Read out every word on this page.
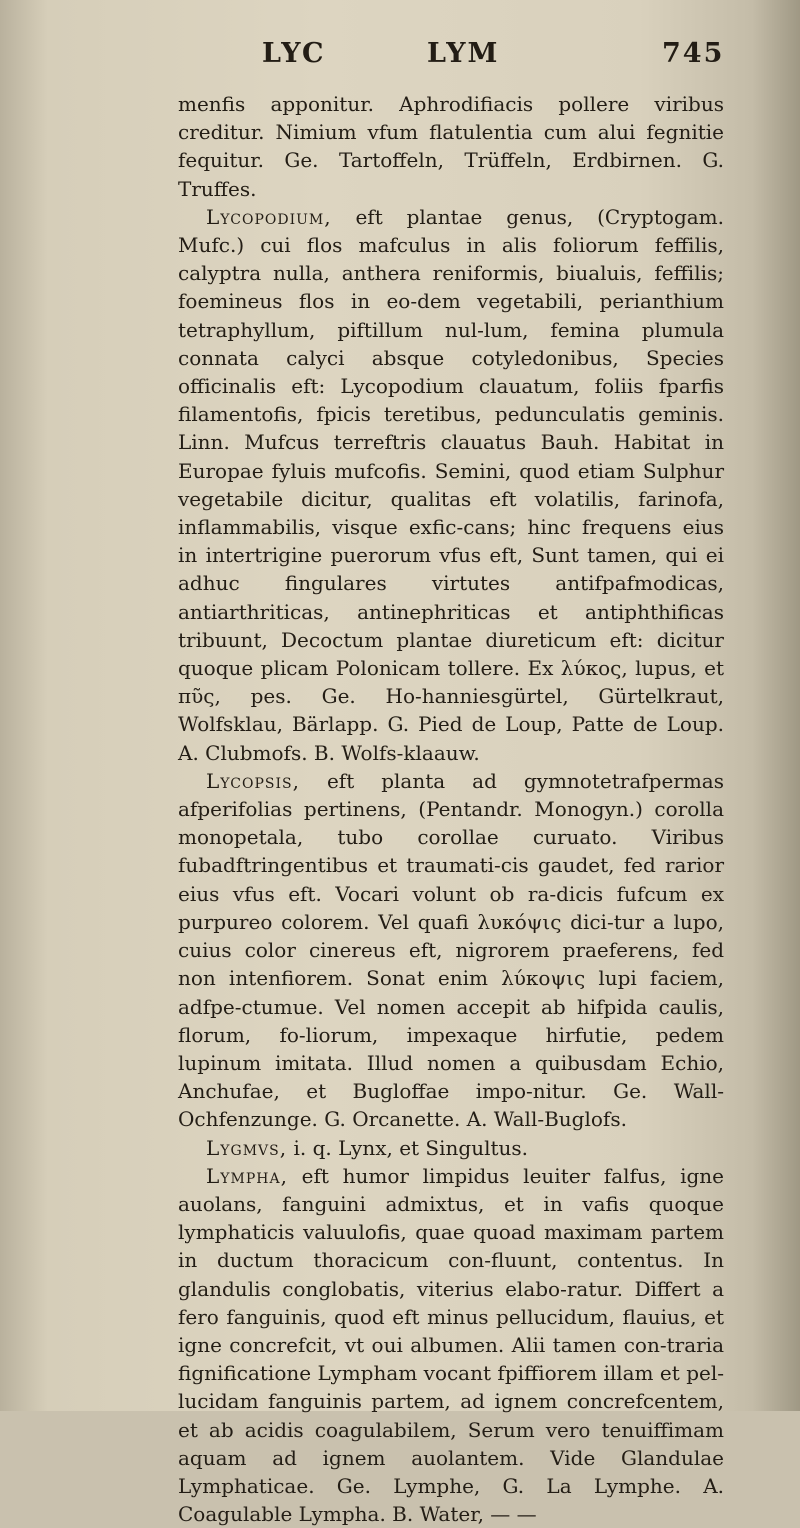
LYC	LYM	745

menfis apponitur. Aphrodifiacis pollere viribus creditur. Nimium vfum flatulentia cum alui fegnitie fequitur. Ge. Tartoffeln, Trüffeln, Erdbirnen. G. Truffes.

Lycopodium, eft plantae genus, (Cryptogam. Mufc.) cui flos mafculus in alis foliorum feffilis, calyptra nulla, anthera reniformis, biualuis, feffilis; foemineus flos in eo-dem vegetabili, perianthium tetraphyllum, piftillum nul-lum, femina plumula connata calyci absque cotyledonibus, Species officinalis eft: Lycopodium clauatum, foliis fparfis filamentofis, fpicis teretibus, pedunculatis geminis. Linn. Mufcus terreftris clauatus Bauh. Habitat in Europae fyluis mufcofis. Semini, quod etiam Sulphur vegetabile dicitur, qualitas eft volatilis, farinofa, inflammabilis, visque exfic-cans; hinc frequens eius in intertrigine puerorum vfus eft, Sunt tamen, qui ei adhuc fingulares virtutes antifpafmodicas, antiarthriticas, antinephriticas et antiphthificas tribuunt, Decoctum plantae diureticum eft: dicitur quoque plicam Polonicam tollere. Ex λύκος, lupus, et πῦς, pes. Ge. Ho-hanniesgürtel, Gürtelkraut, Wolfsklau, Bärlapp. G. Pied de Loup, Patte de Loup. A. Clubmofs. B. Wolfs-klaauw.

Lycopsis, eft planta ad gymnotetrafpermas afperifolias pertinens, (Pentandr. Monogyn.) corolla monopetala, tubo corollae curuato. Viribus fubadftringentibus et traumati-cis gaudet, fed rarior eius vfus eft. Vocari volunt ob ra-dicis fufcum ex purpureo colorem. Vel quafi λυκόψις dici-tur a lupo, cuius color cinereus eft, nigrorem praeferens, fed non intenfiorem. Sonat enim λύκοψις lupi faciem, adfpe-ctumue. Vel nomen accepit ab hifpida caulis, florum, fo-liorum, impexaque hirfutie, pedem lupinum imitata. Illud nomen a quibusdam Echio, Anchufae, et Bugloffae impo-nitur. Ge. Wall-Ochfenzunge. G. Orcanette. A. Wall-Buglofs.

Lygmvs, i. q. Lynx, et Singultus.

Lympha, eft humor limpidus leuiter falfus, igne auolans, fanguini admixtus, et in vafis quoque lymphaticis valuulofis, quae quoad maximam partem in ductum thoracicum con-fluunt, contentus. In glandulis conglobatis, viterius elabo-ratur. Differt a fero fanguinis, quod eft minus pellucidum, flauius, et igne concrefcit, vt oui albumen. Alii tamen con-traria fignificatione Lympham vocant fpiffiorem illam et pel-lucidam fanguinis partem, ad ignem concrefcentem, et ab acidis coagulabilem, Serum vero tenuiffimam aquam ad ignem auolantem. Vide Glandulae Lymphaticae. Ge. Lymphe, G. La Lymphe. A. Coagulable Lympha. B. Water, — —
